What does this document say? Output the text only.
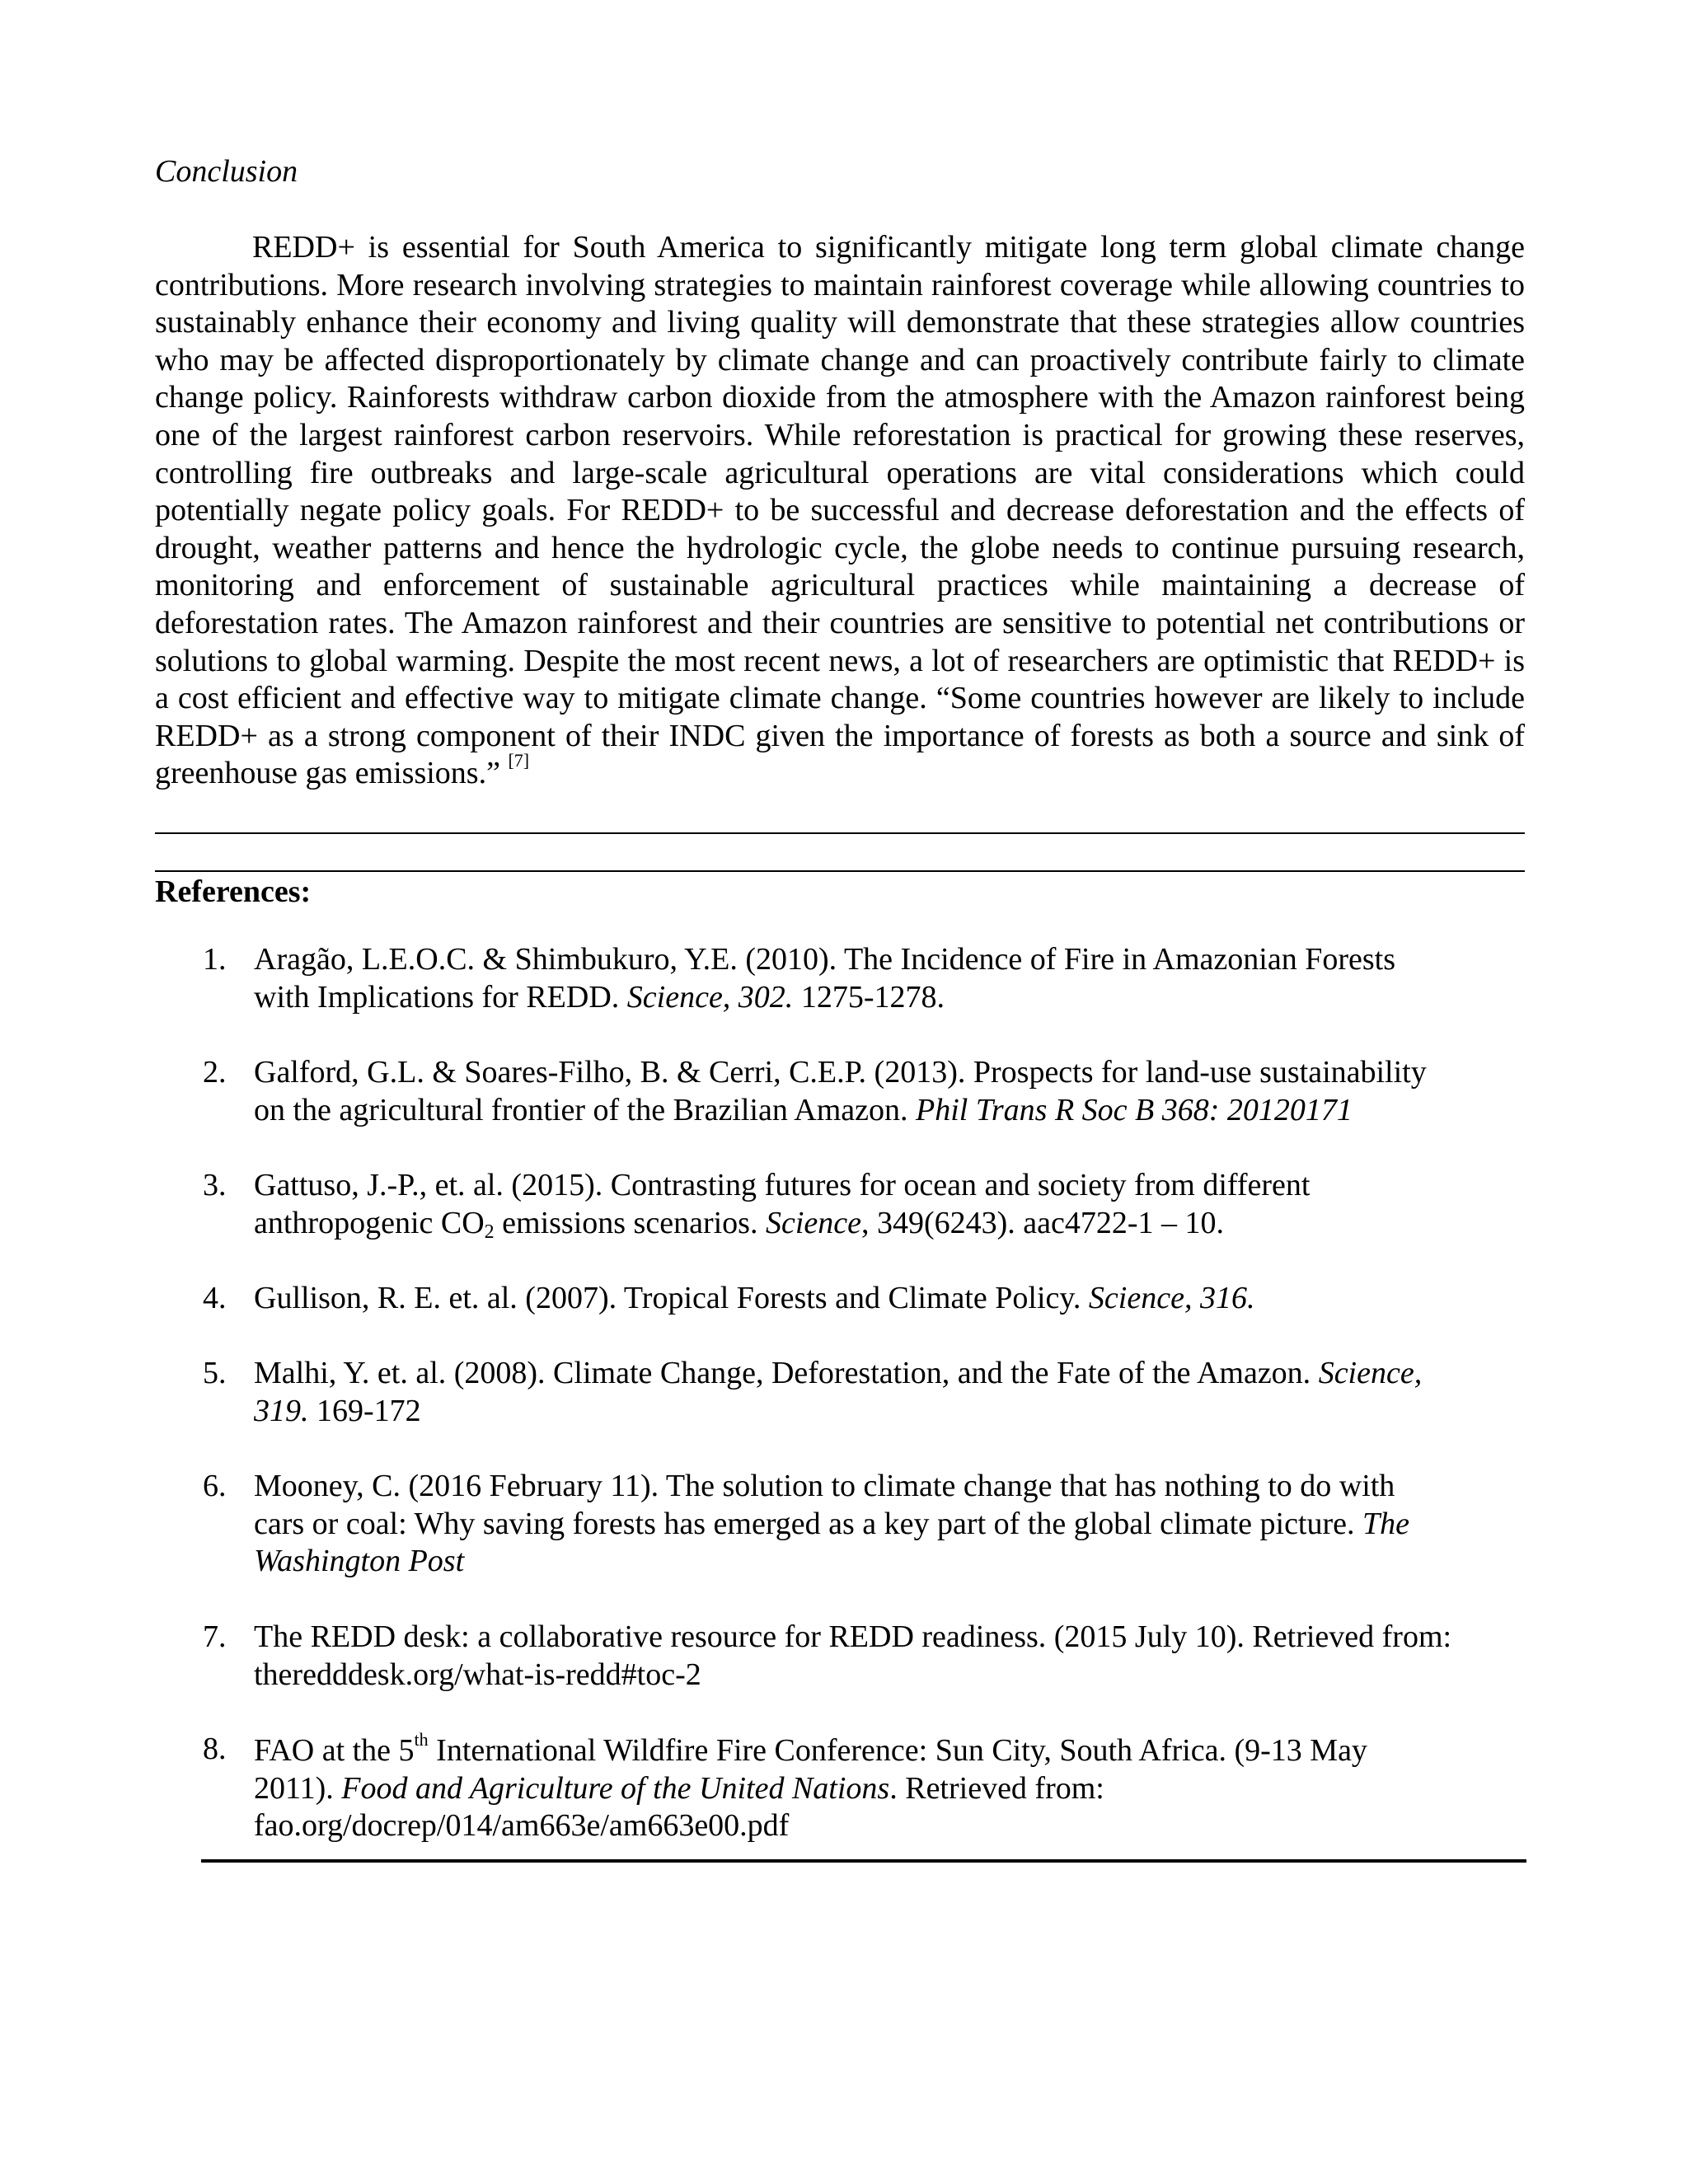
Conclusion

REDD+ is essential for South America to significantly mitigate long term global climate change contributions. More research involving strategies to maintain rainforest coverage while allowing countries to sustainably enhance their economy and living quality will demonstrate that these strategies allow countries who may be affected disproportionately by climate change and can proactively contribute fairly to climate change policy. Rainforests withdraw carbon dioxide from the atmosphere with the Amazon rainforest being one of the largest rainforest carbon reservoirs. While reforestation is practical for growing these reserves, controlling fire outbreaks and large-scale agricultural operations are vital considerations which could potentially negate policy goals. For REDD+ to be successful and decrease deforestation and the effects of drought, weather patterns and hence the hydrologic cycle, the globe needs to continue pursuing research, monitoring and enforcement of sustainable agricultural practices while maintaining a decrease of deforestation rates. The Amazon rainforest and their countries are sensitive to potential net contributions or solutions to global warming. Despite the most recent news, a lot of researchers are optimistic that REDD+ is a cost efficient and effective way to mitigate climate change. “Some countries however are likely to include REDD+ as a strong component of their INDC given the importance of forests as both a source and sink of greenhouse gas emissions.” [7]

References:
1. Aragão, L.E.O.C. & Shimbukuro, Y.E. (2010). The Incidence of Fire in Amazonian Forests
with Implications for REDD. Science, 302. 1275-1278.
2. Galford, G.L. & Soares-Filho, B. & Cerri, C.E.P. (2013). Prospects for land-use sustainability
on the agricultural frontier of the Brazilian Amazon. Phil Trans R Soc B 368: 20120171
3. Gattuso, J.-P., et. al. (2015). Contrasting futures for ocean and society from different
anthropogenic $CO_2$ emissions scenarios. Science, 349(6243). aac4722-1 – 10.
4. Gullison, R. E. et. al. (2007). Tropical Forests and Climate Policy. Science, 316.
5. Malhi, Y. et. al. (2008). Climate Change, Deforestation, and the Fate of the Amazon. Science,
319. 169-172
6. Mooney, C. (2016 February 11). The solution to climate change that has nothing to do with
cars or coal: Why saving forests has emerged as a key part of the global climate picture. The
Washington Post
7. The REDD desk: a collaborative resource for REDD readiness. (2015 July 10). Retrieved from:
theredddesk.org/what-is-redd#toc-2
8. FAO at the 5th International Wildfire Fire Conference: Sun City, South Africa. (9-13 May
2011). Food and Agriculture of the United Nations. Retrieved from:
fao.org/docrep/014/am663e/am663e00.pdf
